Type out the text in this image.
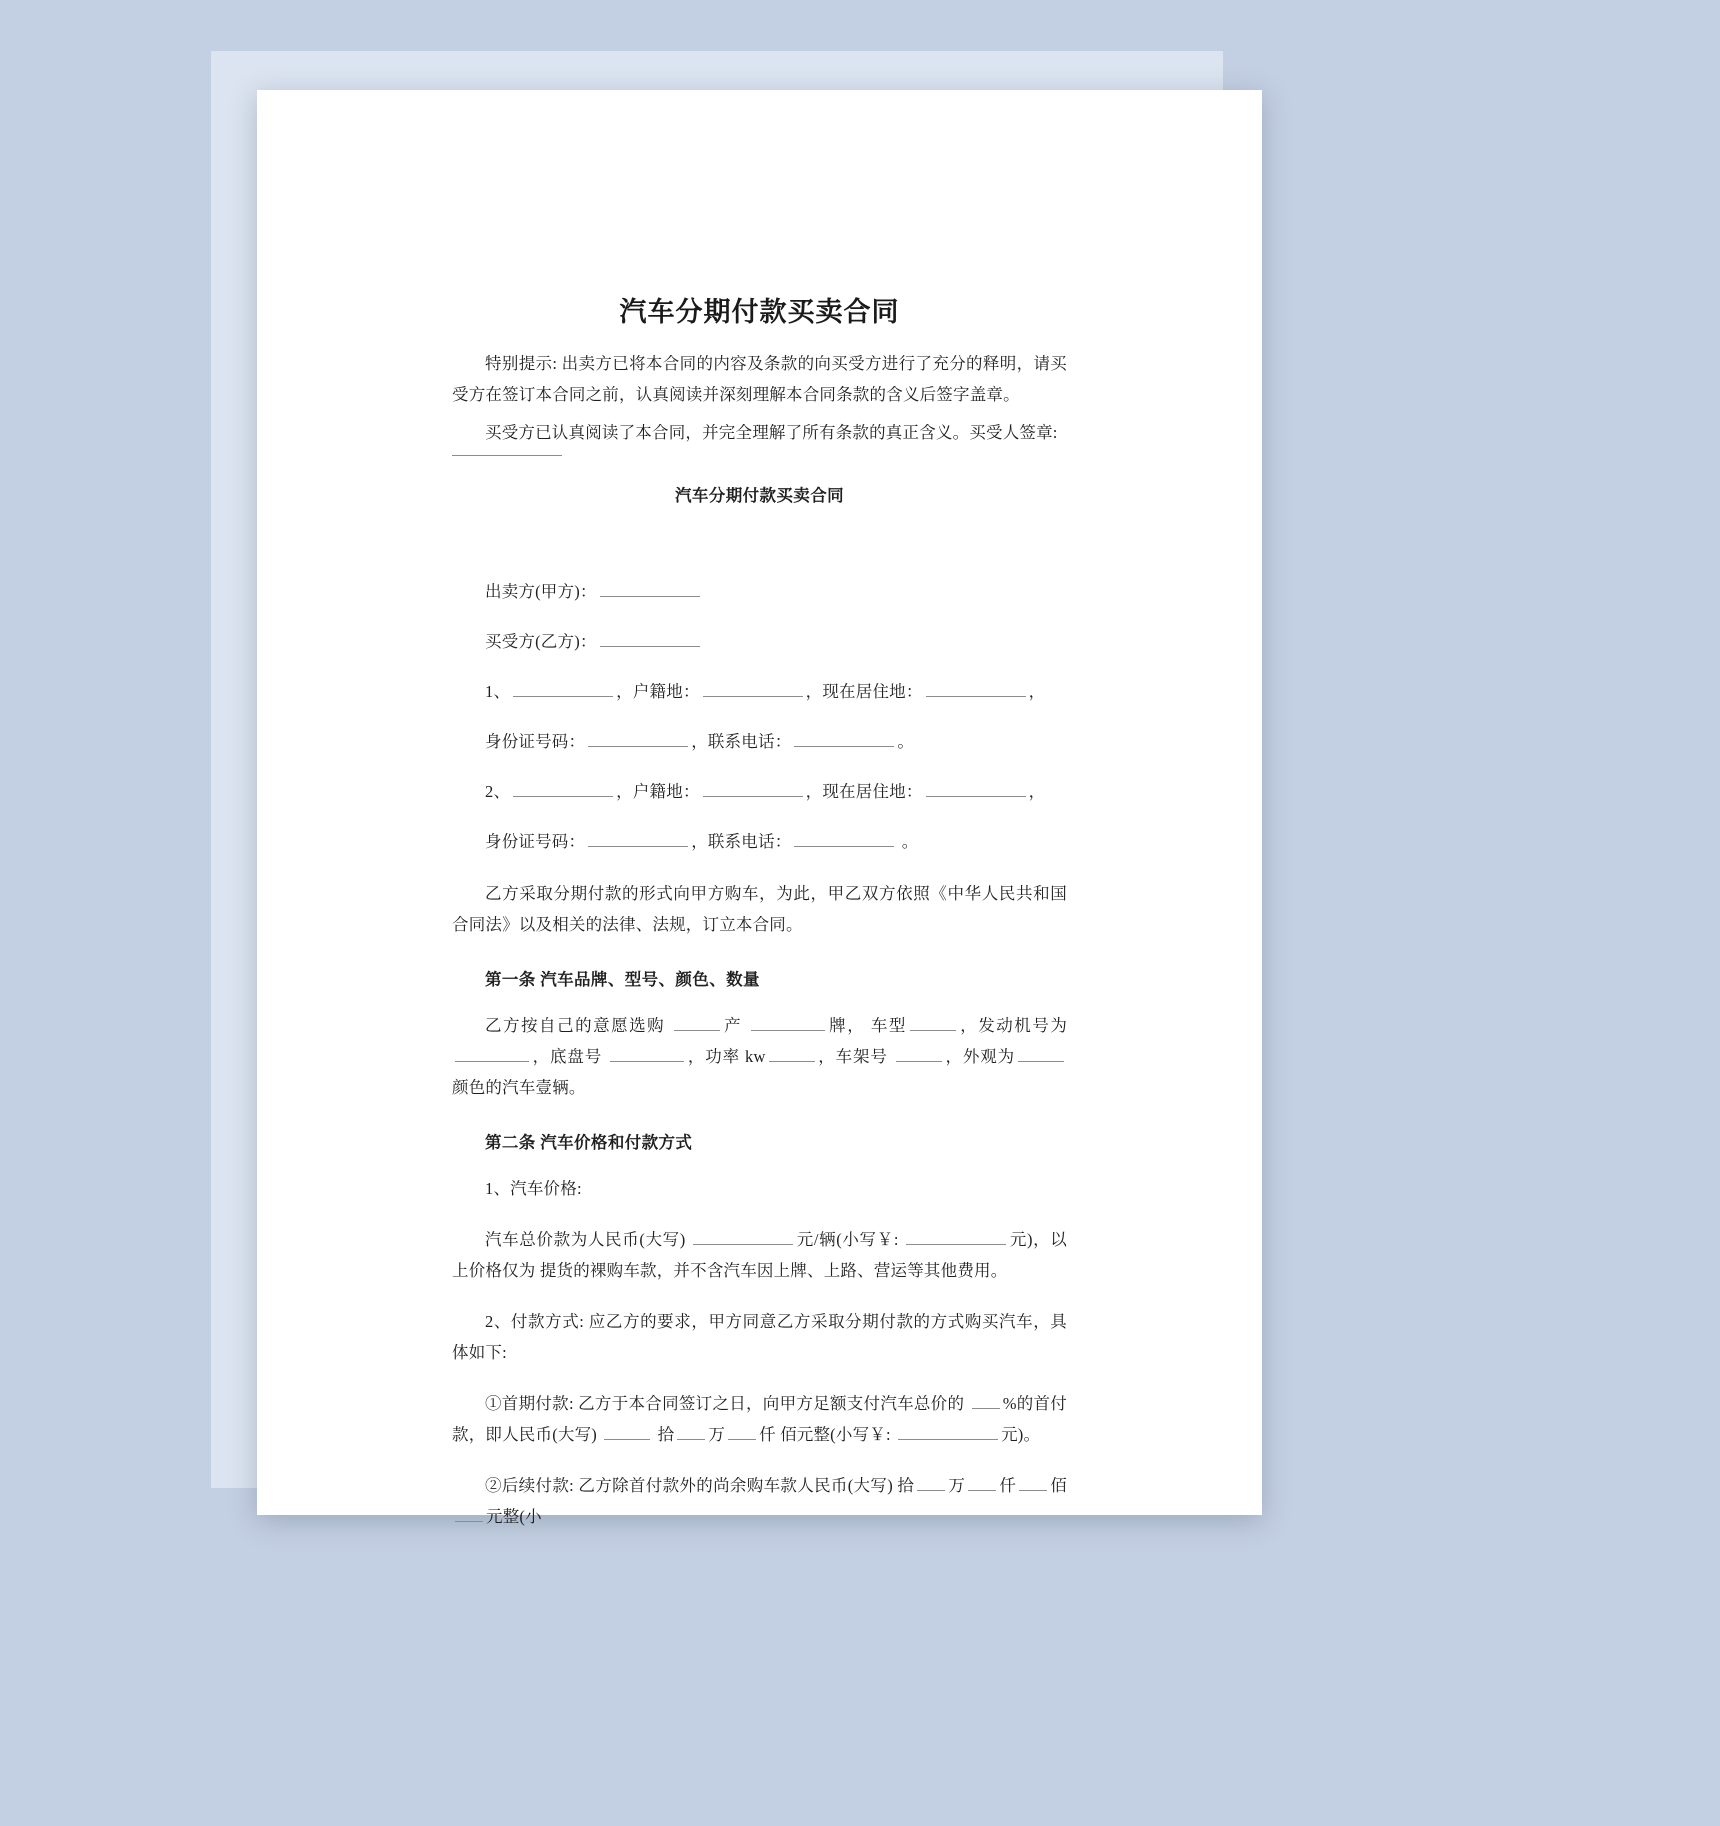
汽车分期付款买卖合同

特别提示: 出卖方已将本合同的内容及条款的向买受方进行了充分的释明，请买受方在签订本合同之前，认真阅读并深刻理解本合同条款的含义后签字盖章。

买受方已认真阅读了本合同，并完全理解了所有条款的真正含义。买受人签章:

汽车分期付款买卖合同
出卖方(甲方)：
买受方(乙方)：
1、	，户籍地：	，现在居住地：	，
身份证号码：	，联系电话：	。
2、	，户籍地：	，现在居住地：	，
身份证号码：	，联系电话：	。

乙方采取分期付款的形式向甲方购车，为此，甲乙双方依照《中华人民共和国合同法》以及相关的法律、法规，订立本合同。

第一条 汽车品牌、型号、颜色、数量

乙方按自己的意愿选购	产	牌， 车型	，发动机号为 ，底盘号	，功率 kw	，车架号	，外观为 颜色的汽车壹辆。

第二条 汽车价格和付款方式

1、汽车价格:

汽车总价款为人民币(大写)	元/辆(小写￥:	元)，以上价格仅为 提货的裸购车款，并不含汽车因上牌、上路、营运等其他费用。

2、付款方式: 应乙方的要求，甲方同意乙方采取分期付款的方式购买汽车，具体如下:

①首期付款: 乙方于本合同签订之日，向甲方足额支付汽车总价的 %的首付款，即人民币(大写)	拾 万 仟 佰元整(小写￥:	元)。

②后续付款: 乙方除首付款外的尚余购车款人民币(大写) 拾 万 仟 佰元整(小
